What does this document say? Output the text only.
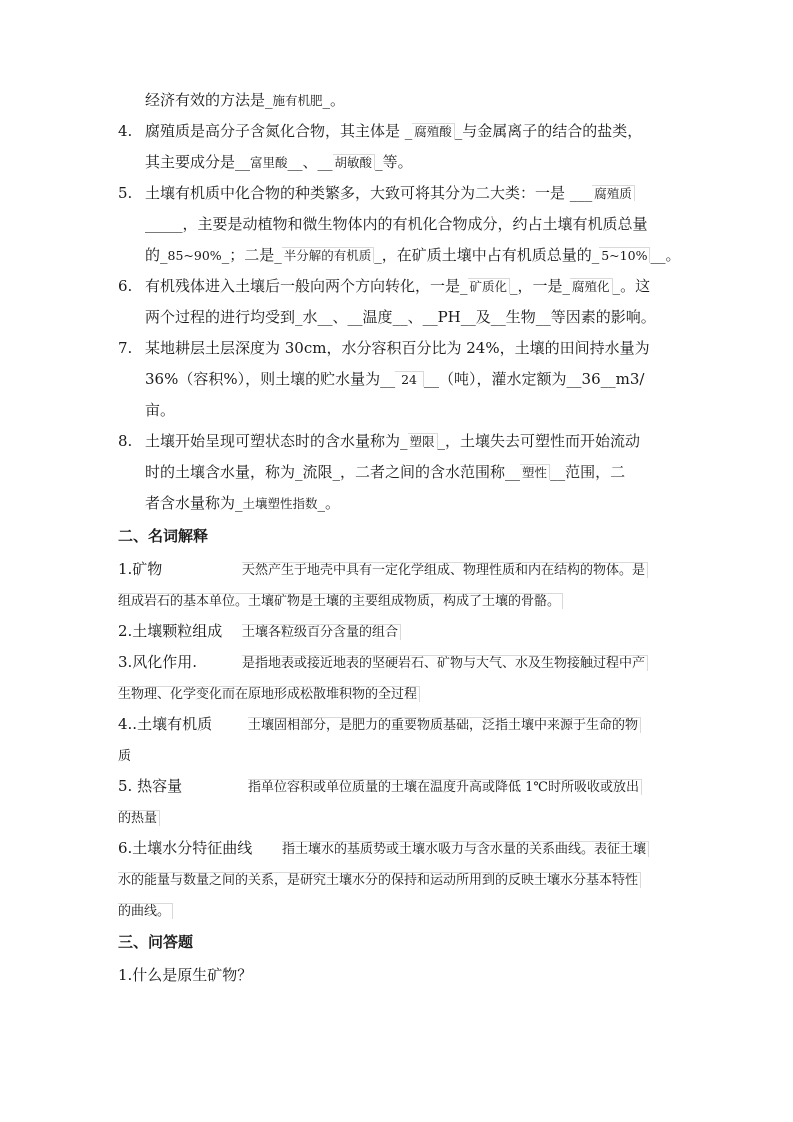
经济有效的方法是_施有机肥_。
4. 腐殖质是高分子含氮化合物，其主体是 _ 腐殖酸 _与金属离子的结合的盐类，
其主要成分是__富里酸__、__ 胡敏酸 _等。
5. 土壤有机质中化合物的种类繁多，大致可将其分为二大类：一是 ___ 腐殖质
_____，主要是动植物和微生物体内的有机化合物成分，约占土壤有机质总量
的_85~90%_；二是_ 半分解的有机质 _，在矿质土壤中占有机质总量的_ 5~10% __。
6. 有机残体进入土壤后一般向两个方向转化，一是_ 矿质化 _，一是_ 腐殖化 _。这
两个过程的进行均受到_水__、__温度__、__PH__及__生物__等因素的影响。
7. 某地耕层土层深度为 30cm，水分容积百分比为 24%，土壤的田间持水量为
36%（容积%），则土壤的贮水量为__ 24 __（吨），灌水定额为__36__m3/
亩。
8. 土壤开始呈现可塑状态时的含水量称为_ 塑限 _，土壤失去可塑性而开始流动
时的土壤含水量，称为_流限_，二者之间的含水范围称__ 塑性 __范围，二
者含水量称为_土壤塑性指数_。
二、名词解释
1.矿物	天然产生于地壳中具有一定化学组成、物理性质和内在结构的物体。是
组成岩石的基本单位。土壤矿物是土壤的主要组成物质，构成了土壤的骨骼。
2.土壤颗粒组成 土壤各粒级百分含量的组合
3.风化作用.	是指地表或接近地表的坚硬岩石、矿物与大气、水及生物接触过程中产
生物理、化学变化而在原地形成松散堆积物的全过程
4..土壤有机质	土壤固相部分，是肥力的重要物质基础，泛指土壤中来源于生命的物
质
5. 热容量	指单位容积或单位质量的土壤在温度升高或降低 1℃时所吸收或放出
的热量
6.土壤水分特征曲线 指土壤水的基质势或土壤水吸力与含水量的关系曲线。表征土壤
水的能量与数量之间的关系，是研究土壤水分的保持和运动所用到的反映土壤水分基本特性
的曲线。
三、问答题
1.什么是原生矿物？
